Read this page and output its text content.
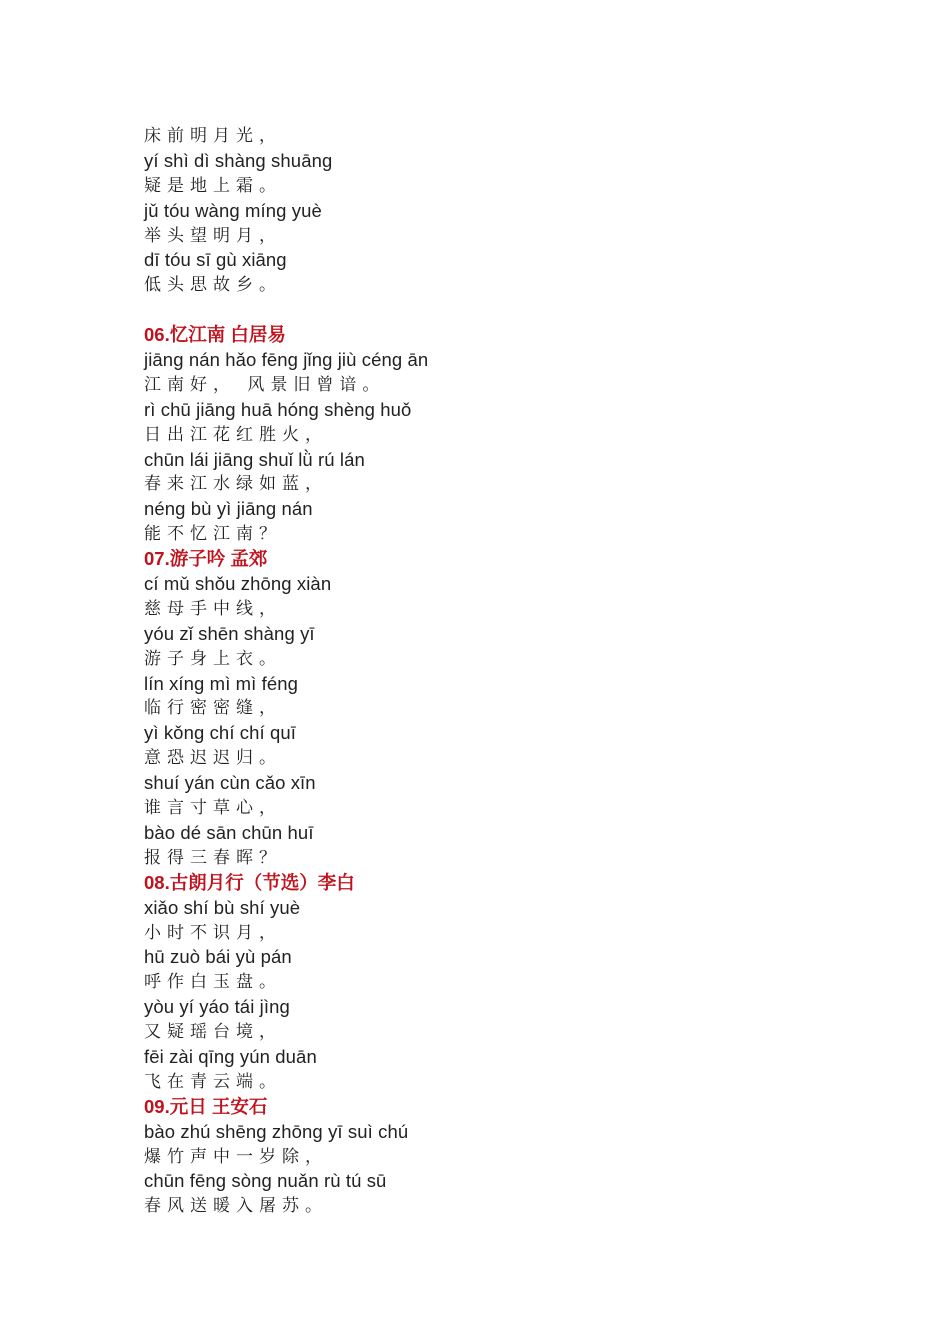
床前明月光，
yí shì dì shàng shuāng
疑是地上霜。
jǔ tóu wàng míng yuè
举头望明月，
dī tóu sī gù xiāng
低头思故乡。
06.忆江南 白居易
jiāng nán hǎo fēng jǐng jiù céng ān
江南好， 风景旧曾谙。
rì chū jiāng huā hóng shèng huǒ
日出江花红胜火，
chūn lái jiāng shuǐ lǜ rú lán
春来江水绿如蓝，
néng bù yì jiāng nán
能不忆江南？
07.游子吟 孟郊
cí mǔ shǒu zhōng xiàn
慈母手中线，
yóu zǐ shēn shàng yī
游子身上衣。
lín xíng mì mì féng
临行密密缝，
yì kǒng chí chí quī
意恐迟迟归。
shuí yán cùn cǎo xīn
谁言寸草心，
bào dé sān chūn huī
报得三春晖？
08.古朗月行（节选）李白
xiǎo shí bù shí yuè
小时不识月，
hū zuò bái yù pán
呼作白玉盘。
yòu yí yáo tái jìng
又疑瑶台境，
fēi zài qīng yún duān
飞在青云端。
09.元日 王安石
bào zhú shēng zhōng yī suì chú
爆竹声中一岁除，
chūn fēng sòng nuǎn rù tú sū
春风送暖入屠苏。
